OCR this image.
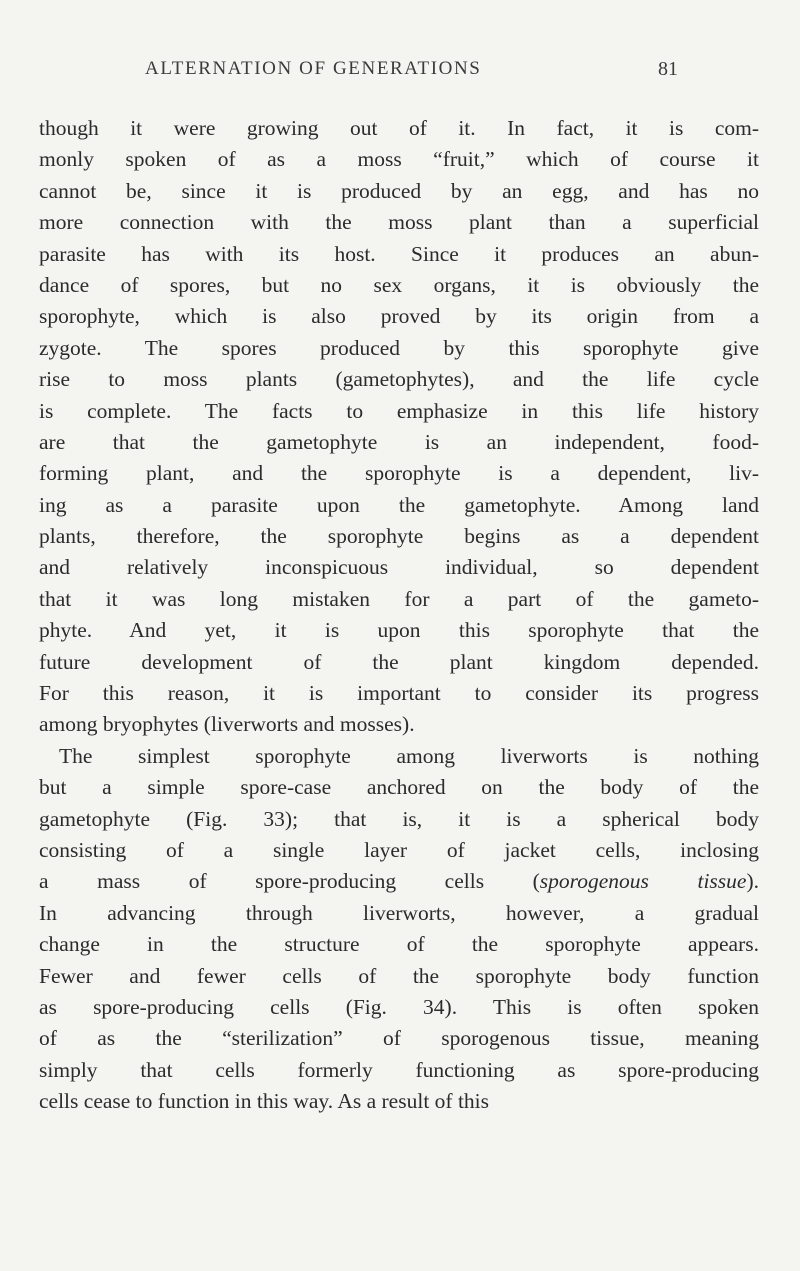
ALTERNATION OF GENERATIONS	81
though it were growing out of it. In fact, it is com-
monly spoken of as a moss “fruit,” which of course it
cannot be, since it is produced by an egg, and has no
more connection with the moss plant than a superficial
parasite has with its host. Since it produces an abun-
dance of spores, but no sex organs, it is obviously the
sporophyte, which is also proved by its origin from a
zygote. The spores produced by this sporophyte give
rise to moss plants (gametophytes), and the life cycle
is complete. The facts to emphasize in this life history
are that the gametophyte is an independent, food-
forming plant, and the sporophyte is a dependent, liv-
ing as a parasite upon the gametophyte. Among land
plants, therefore, the sporophyte begins as a dependent
and relatively inconspicuous individual, so dependent
that it was long mistaken for a part of the gameto-
phyte. And yet, it is upon this sporophyte that the
future development of the plant kingdom depended.
For this reason, it is important to consider its progress
among bryophytes (liverworts and mosses).
The simplest sporophyte among liverworts is nothing
but a simple spore-case anchored on the body of the
gametophyte (Fig. 33); that is, it is a spherical body
consisting of a single layer of jacket cells, inclosing
a mass of spore-producing cells (sporogenous tissue).
In advancing through liverworts, however, a gradual
change in the structure of the sporophyte appears.
Fewer and fewer cells of the sporophyte body function
as spore-producing cells (Fig. 34). This is often spoken
of as the “sterilization” of sporogenous tissue, meaning
simply that cells formerly functioning as spore-producing
cells cease to function in this way. As a result of this
